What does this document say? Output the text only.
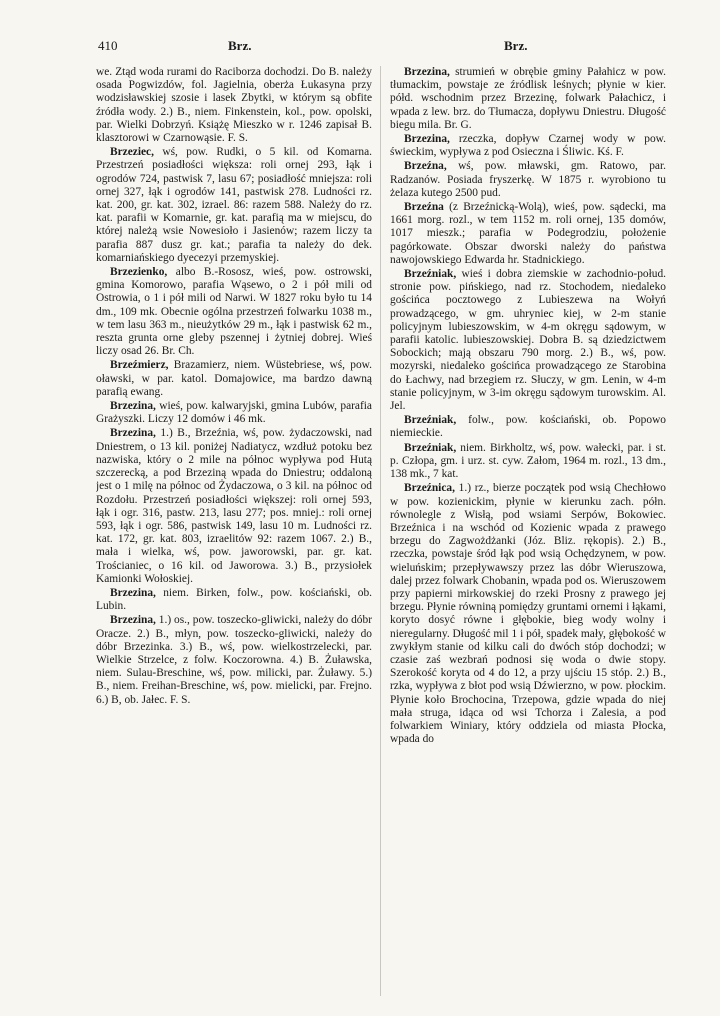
410	Brz.	Brz.

we. Ztąd woda rurami do Raciborza dochodzi. Do B. należy osada Pogwizdów, fol. Jagielnia, oberża Łukasyna przy wodzisławskiej szosie i lasek Zbytki, w którym są obfite źródła wody. 2.) B., niem. Finkenstein, kol., pow. opolski, par. Wielki Dobrzyń. Książę Mieszko w r. 1246 zapisał B. klasztorowi w Czarnowąsie. F. S.

Brzeziec, wś, pow. Rudki, o 5 kil. od Komarna. Przestrzeń posiadłości większa: roli ornej 293, łąk i ogrodów 724, pastwisk 7, lasu 67; posiadłość mniejsza: roli ornej 327, łąk i ogrodów 141, pastwisk 278. Ludności rz. kat. 200, gr. kat. 302, izrael. 86: razem 588. Należy do rz. kat. parafii w Komarnie, gr. kat. parafią ma w miejscu, do której należą wsie Nowesioło i Jasienów; razem liczy ta parafia 887 dusz gr. kat.; parafia ta należy do dek. komarniańskiego dyecezyi przemyskiej.

Brzezienko, albo B.-Rososz, wieś, pow. ostrowski, gmina Komorowo, parafia Wąsewo, o 2 i pół mili od Ostrowia, o 1 i pół mili od Narwi. W 1827 roku było tu 14 dm., 109 mk. Obecnie ogólna przestrzeń folwarku 1038 m., w tem lasu 363 m., nieużytków 29 m., łąk i pastwisk 62 m., reszta grunta orne gleby pszennej i żytniej dobrej. Wieś liczy osad 26. Br. Ch.

Brzeźmierz, Brazamierz, niem. Wüstebriese, wś, pow. oławski, w par. katol. Domajowice, ma bardzo dawną parafią ewang.

Brzezina, wieś, pow. kalwaryjski, gmina Lubów, parafia Grażyszki. Liczy 12 domów i 46 mk.

Brzezina, 1.) B., Brzeźnia, wś, pow. żydaczowski, nad Dniestrem, o 13 kil. poniżej Nadiatycz, wzdłuż potoku bez nazwiska, który o 2 mile na północ wypływa pod Hutą szczerecką, a pod Brzeziną wpada do Dniestru; oddaloną jest o 1 milę na północ od Żydaczowa, o 3 kil. na północ od Rozdołu. Przestrzeń posiadłości większej: roli ornej 593, łąk i ogr. 316, pastw. 213, lasu 277; pos. mniej.: roli ornej 593, łąk i ogr. 586, pastwisk 149, lasu 10 m. Ludności rz. kat. 172, gr. kat. 803, izraelitów 92: razem 1067. 2.) B., mała i wielka, wś, pow. jaworowski, par. gr. kat. Trościaniec, o 16 kil. od Jaworowa. 3.) B., przysiołek Kamionki Wołoskiej.

Brzezina, niem. Birken, folw., pow. kościański, ob. Lubin.

Brzezina, 1.) os., pow. toszecko-gliwicki, należy do dóbr Oracze. 2.) B., młyn, pow. toszecko-gliwicki, należy do dóbr Brzezinka. 3.) B., wś, pow. wielkostrzelecki, par. Wielkie Strzelce, z folw. Koczorowna. 4.) B. Żuławska, niem. Sulau-Breschine, wś, pow. milicki, par. Żuławy. 5.) B., niem. Freihan-Breschine, wś, pow. mielicki, par. Frejno. 6.) B, ob. Jałec. F. S.

Brzezina, strumień w obrębie gminy Pałahicz w pow. tłumackim, powstaje ze źródlisk leśnych; płynie w kier. półd. wschodnim przez Brzezinę, folwark Pałachicz, i wpada z lew. brz. do Tłumacza, dopływu Dniestru. Długość biegu mila. Br. G.

Brzezina, rzeczka, dopływ Czarnej wody w pow. świeckim, wypływa z pod Osieczna i Śliwic. Kś. F.

Brzeźna, wś, pow. mławski, gm. Ratowo, par. Radzanów. Posiada fryszerkę. W 1875 r. wyrobiono tu żelaza kutego 2500 pud.

Brzeźna (z Brzeźnicką-Wolą), wieś, pow. sądecki, ma 1661 morg. rozl., w tem 1152 m. roli ornej, 135 domów, 1017 mieszk.; parafia w Podegrodziu, położenie pagórkowate. Obszar dworski należy do państwa nawojowskiego Edwarda hr. Stadnickiego.

Brzeźniak, wieś i dobra ziemskie w zachodnio-połud. stronie pow. pińskiego, nad rz. Stochodem, niedaleko gościńca pocztowego z Lubieszewa na Wołyń prowadzącego, w gm. uhryniec kiej, w 2-m stanie policyjnym lubieszowskim, w 4-m okręgu sądowym, w parafii katolic. lubieszowskiej. Dobra B. są dziedzictwem Sobockich; mają obszaru 790 morg. 2.) B., wś, pow. mozyrski, niedaleko gościńca prowadzącego ze Starobina do Łachwy, nad brzegiem rz. Słuczy, w gm. Lenin, w 4-m stanie policyjnym, w 3-im okręgu sądowym turowskim. Al. Jel.

Brzeźniak, folw., pow. kościański, ob. Popowo niemieckie.

Brzeźniak, niem. Birkholtz, wś, pow. wałecki, par. i st. p. Człopa, gm. i urz. st. cyw. Załom, 1964 m. rozl., 13 dm., 138 mk., 7 kat.

Brzeźnica, 1.) rz., bierze początek pod wsią Chechłowo w pow. kozienickim, płynie w kierunku zach. półn. równolegle z Wisłą, pod wsiami Serpów, Bokowiec. Brzeźnica i na wschód od Kozienic wpada z prawego brzegu do Zagwożdżanki (Józ. Bliz. rękopis). 2.) B., rzeczka, powstaje śród łąk pod wsią Ochędzynem, w pow. wieluńskim; przepływawszy przez las dóbr Wieruszowa, dalej przez folwark Chobanin, wpada pod os. Wieruszowem przy papierni mirkowskiej do rzeki Prosny z prawego jej brzegu. Płynie równiną pomiędzy gruntami ornemi i łąkami, koryto dosyć równe i głębokie, bieg wody wolny i nieregularny. Długość mil 1 i pół, spadek mały, głębokość w zwykłym stanie od kilku cali do dwóch stóp dochodzi; w czasie zaś wezbrań podnosi się woda o dwie stopy. Szerokość koryta od 4 do 12, a przy ujściu 15 stóp. 2.) B., rzka, wypływa z błot pod wsią Dźwierzno, w pow. płockim. Płynie koło Brochocina, Trzepowa, gdzie wpada do niej mała struga, idąca od wsi Tchorza i Zalesia, a pod folwarkiem Winiary, który oddziela od miasta Płocka, wpada do
